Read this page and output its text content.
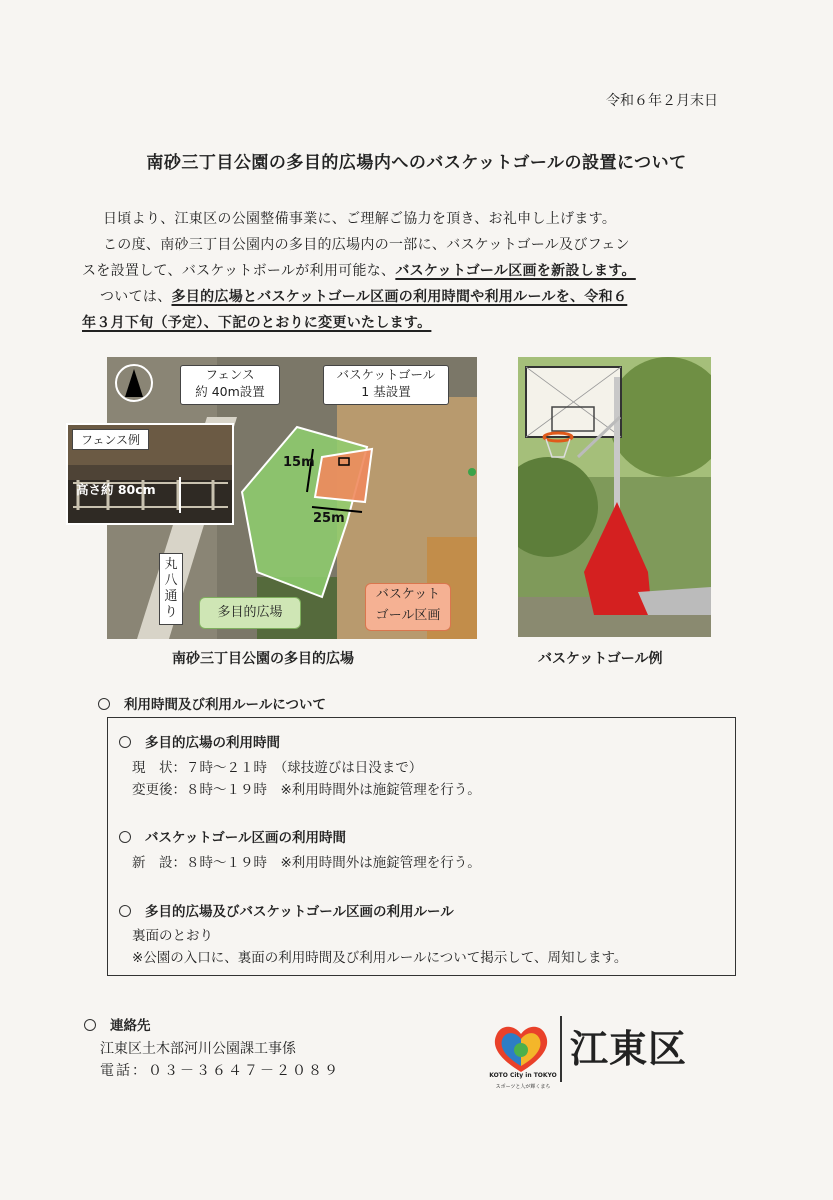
令和６年２月末日
南砂三丁目公園の多目的広場内へのバスケットゴールの設置について
日頃より、江東区の公園整備事業に、ご理解ご協力を頂き、お礼申し上げます。
この度、南砂三丁目公園内の多目的広場内の一部に、バスケットゴール及びフェン
スを設置して、バスケットボールが利用可能な、バスケットゴール区画を新設します。
ついては、多目的広場とバスケットゴール区画の利用時間や利用ルールを、令和６
年３月下旬（予定）、下記のとおりに変更いたします。
フェンス
約 40m設置
バスケットゴール
1 基設置
15m
25m
丸八通り	多目的広場
バスケット
ゴール区画
フェンス例
高さ約 80cm
南砂三丁目公園の多目的広場	バスケットゴール例
利用時間及び利用ルールについて
多目的広場の利用時間
現　状：７時～２１時　（球技遊びは日没まで）
変更後：８時～１９時　※利用時間外は施錠管理を行う。
バスケットゴール区画の利用時間
新　設：８時～１９時　※利用時間外は施錠管理を行う。
多目的広場及びバスケットゴール区画の利用ルール
裏面のとおり
※公園の入口に、裏面の利用時間及び利用ルールについて掲示して、周知します。
連絡先
江東区土木部河川公園課工事係
電話：０３－３６４７－２０８９	KOTO City in TOKYO
スポーツと人が輝くまち
江東区
